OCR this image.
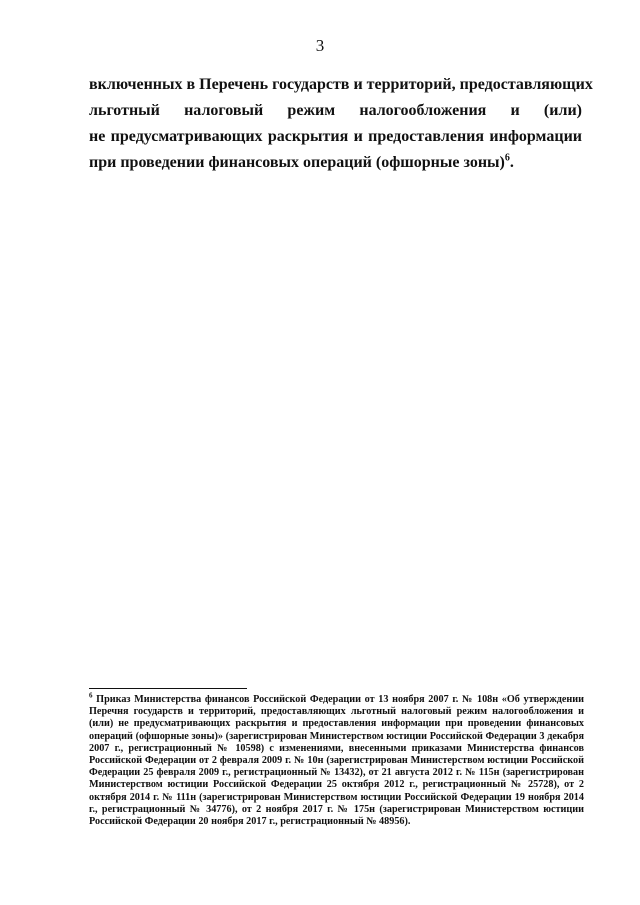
3
включенных в Перечень государств и территорий, предоставляющих
льготный налоговый режим налогообложения и (или)
не предусматривающих раскрытия и предоставления информации
при проведении финансовых операций (офшорные зоны)$^6$.
$^6$ Приказ Министерства финансов Российской Федерации от 13 ноября 2007 г. № 108н «Об утверждении Перечня государств и территорий, предоставляющих льготный налоговый режим налогообложения и (или) не предусматривающих раскрытия и предоставления информации при проведении финансовых операций (офшорные зоны)» (зарегистрирован Министерством юстиции Российской Федерации 3 декабря 2007 г., регистрационный № 10598) с изменениями, внесенными приказами Министерства финансов Российской Федерации от 2 февраля 2009 г. № 10н (зарегистрирован Министерством юстиции Российской Федерации 25 февраля 2009 г., регистрационный № 13432), от 21 августа 2012 г. № 115н (зарегистрирован Министерством юстиции Российской Федерации 25 октября 2012 г., регистрационный № 25728), от 2 октября 2014 г. № 111н (зарегистрирован Министерством юстиции Российской Федерации 19 ноября 2014 г., регистрационный № 34776), от 2 ноября 2017 г. № 175н (зарегистрирован Министерством юстиции Российской Федерации 20 ноября 2017 г., регистрационный № 48956).
